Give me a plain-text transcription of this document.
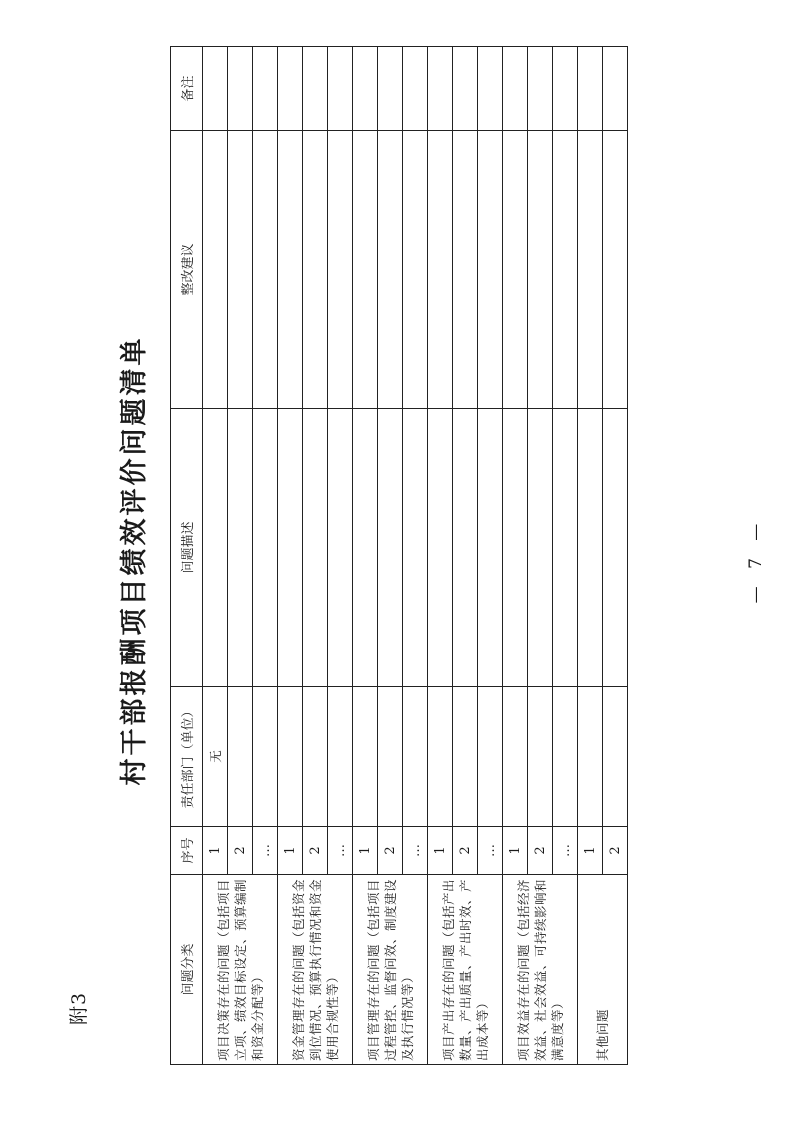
附3
村干部报酬项目绩效评价问题清单
问题分类	序号	责任部门（单位）	问题描述	整改建议	备注
项目决策存在的问题（包括项目立项、绩效目标设定、预算编制和资金分配等）	1	无			
	2				
	…				
资金管理存在的问题（包括资金到位情况、预算执行情况和资金使用合规性等）	1				
	2				
	…				
项目管理存在的问题（包括项目过程管控、监督问效、制度建设及执行情况等）	1				
	2				
	…				
项目产出存在的问题（包括产出数量、产出质量、产出时效、产出成本等）	1				
	2				
	…				
项目效益存在的问题（包括经济效益、社会效益、可持续影响和满意度等）	1				
	2				
	…				
其他问题	1				
	2				
— 7 —
